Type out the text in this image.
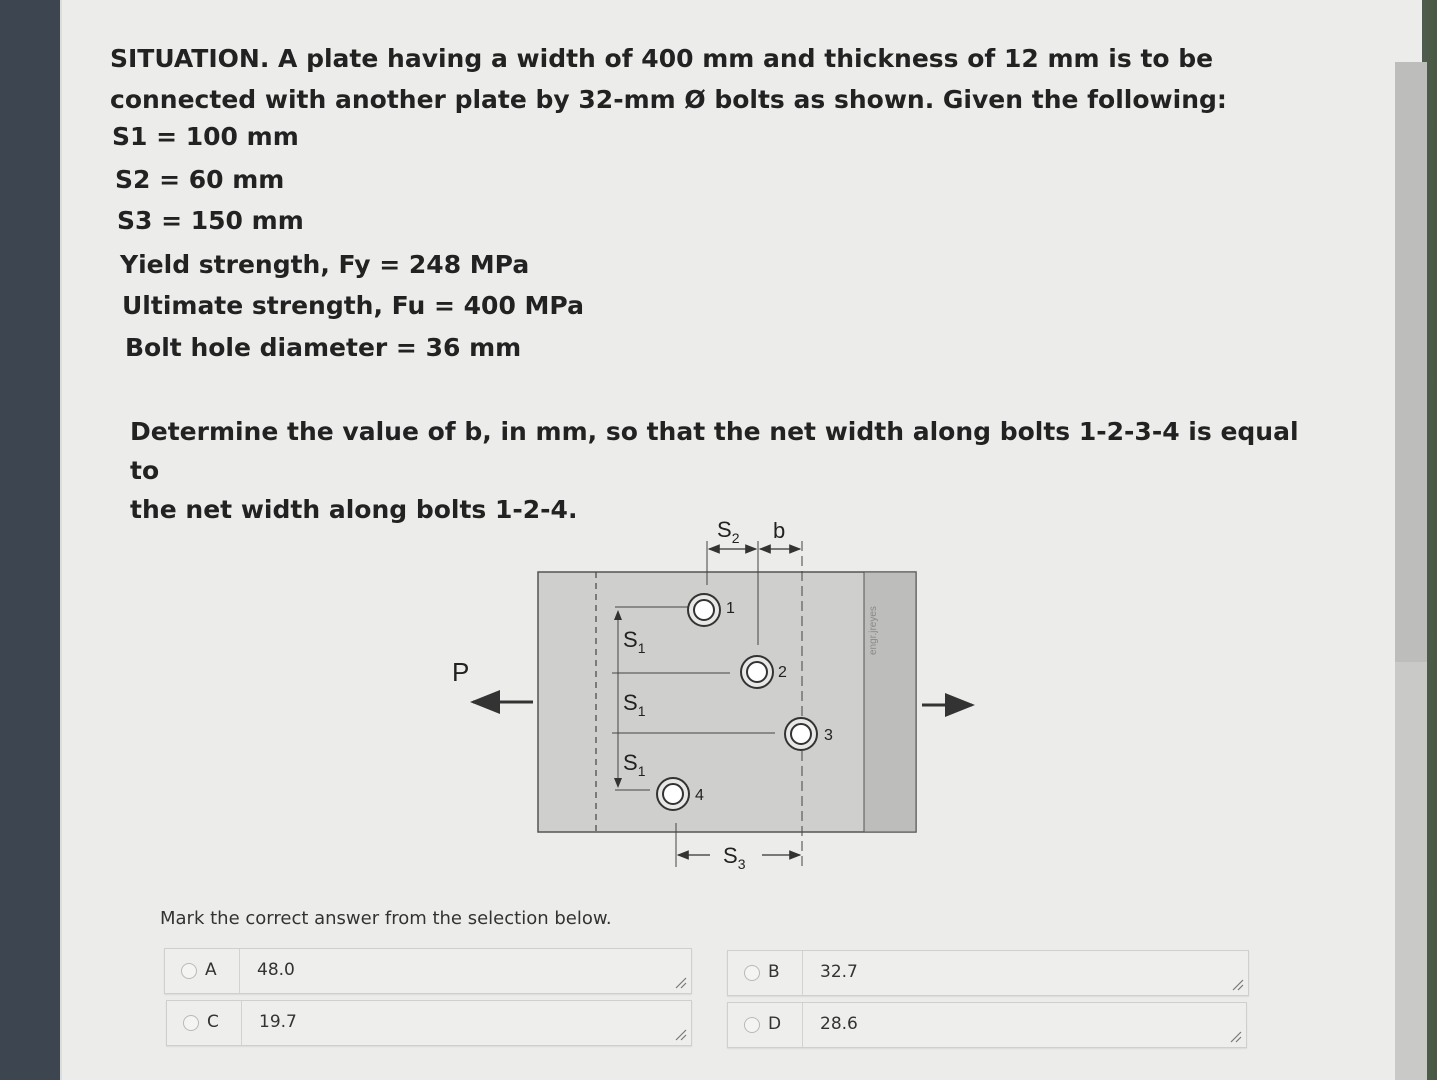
SITUATION. A plate having a width of 400 mm and thickness of 12 mm is to be
connected with another plate by 32-mm Ø bolts as shown. Given the following:
S1 = 100 mm
S2 = 60 mm
S3 = 150 mm
Yield strength, Fy = 248 MPa
Ultimate strength, Fu = 400 MPa
Bolt hole diameter = 36 mm
Determine the value of b, in mm, so that the net width along bolts 1-2-3-4 is equal to
the net width along bolts 1-2-4.
1
2
3
4
$S_2$ b
P
$S_1$
$S_1$
$S_1$
$S_3$
engr.jreyes
Mark the correct answer from the selection below.
A 48.0	B 32.7
C 19.7	D 28.6
